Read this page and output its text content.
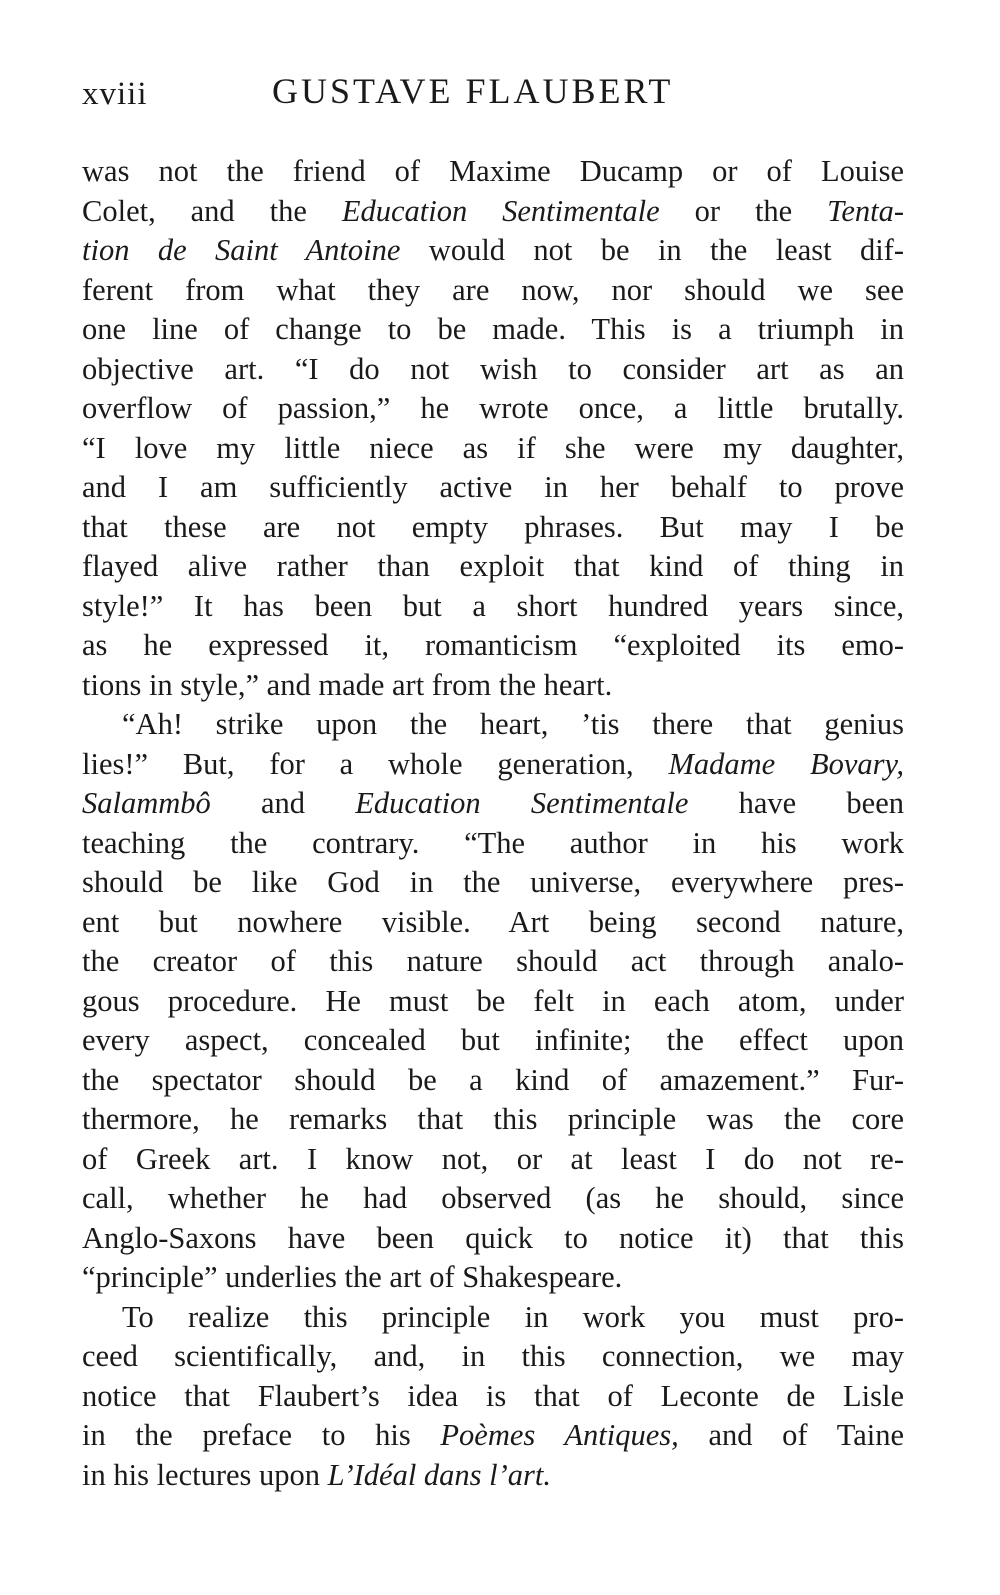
xviii	GUSTAVE FLAUBERT
was not the friend of Maxime Ducamp or of Louise
Colet, and the Education Sentimentale or the Tenta-
tion de Saint Antoine would not be in the least dif-
ferent from what they are now, nor should we see
one line of change to be made. This is a triumph in
objective art. “I do not wish to consider art as an
overflow of passion,” he wrote once, a little brutally.
“I love my little niece as if she were my daughter,
and I am sufficiently active in her behalf to prove
that these are not empty phrases. But may I be
flayed alive rather than exploit that kind of thing in
style!” It has been but a short hundred years since,
as he expressed it, romanticism “exploited its emo-
tions in style,” and made art from the heart.
“Ah! strike upon the heart, ’tis there that genius
lies!” But, for a whole generation, Madame Bovary,
Salammbô and Education Sentimentale have been
teaching the contrary. “The author in his work
should be like God in the universe, everywhere pres-
ent but nowhere visible. Art being second nature,
the creator of this nature should act through analo-
gous procedure. He must be felt in each atom, under
every aspect, concealed but infinite; the effect upon
the spectator should be a kind of amazement.” Fur-
thermore, he remarks that this principle was the core
of Greek art. I know not, or at least I do not re-
call, whether he had observed (as he should, since
Anglo-Saxons have been quick to notice it) that this
“principle” underlies the art of Shakespeare.
To realize this principle in work you must pro-
ceed scientifically, and, in this connection, we may
notice that Flaubert’s idea is that of Leconte de Lisle
in the preface to his Poèmes Antiques, and of Taine
in his lectures upon L’Idéal dans l’art.
